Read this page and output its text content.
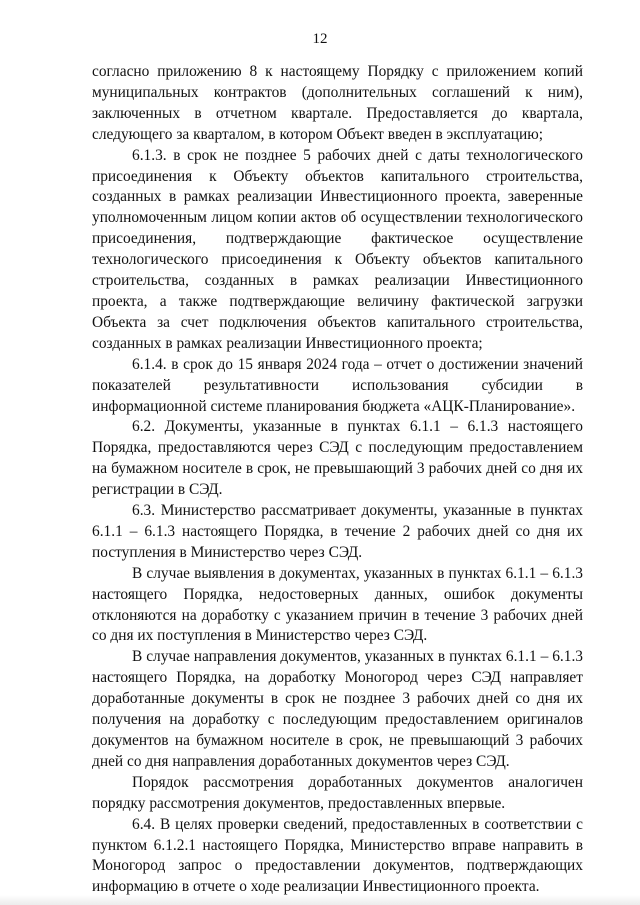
12

согласно приложению 8 к настоящему Порядку с приложением копий муниципальных контрактов (дополнительных соглашений к ним), заключенных в отчетном квартале. Предоставляется до квартала, следующего за кварталом, в котором Объект введен в эксплуатацию;

6.1.3. в срок не позднее 5 рабочих дней с даты технологического присоединения к Объекту объектов капитального строительства, созданных в рамках реализации Инвестиционного проекта, заверенные уполномоченным лицом копии актов об осуществлении технологического присоединения, подтверждающие фактическое осуществление технологического присоединения к Объекту объектов капитального строительства, созданных в рамках реализации Инвестиционного проекта, а также подтверждающие величину фактической загрузки Объекта за счет подключения объектов капитального строительства, созданных в рамках реализации Инвестиционного проекта;

6.1.4. в срок до 15 января 2024 года – отчет о достижении значений показателей результативности использования субсидии в информационной системе планирования бюджета «АЦК-Планирование».

6.2. Документы, указанные в пунктах 6.1.1 – 6.1.3 настоящего Порядка, предоставляются через СЭД с последующим предоставлением на бумажном носителе в срок, не превышающий 3 рабочих дней со дня их регистрации в СЭД.

6.3. Министерство рассматривает документы, указанные в пунктах 6.1.1 – 6.1.3 настоящего Порядка, в течение 2 рабочих дней со дня их поступления в Министерство через СЭД.

В случае выявления в документах, указанных в пунктах 6.1.1 – 6.1.3 настоящего Порядка, недостоверных данных, ошибок документы отклоняются на доработку с указанием причин в течение 3 рабочих дней со дня их поступления в Министерство через СЭД.

В случае направления документов, указанных в пунктах 6.1.1 – 6.1.3 настоящего Порядка, на доработку Моногород через СЭД направляет доработанные документы в срок не позднее 3 рабочих дней со дня их получения на доработку с последующим предоставлением оригиналов документов на бумажном носителе в срок, не превышающий 3 рабочих дней со дня направления доработанных документов через СЭД.

Порядок рассмотрения доработанных документов аналогичен порядку рассмотрения документов, предоставленных впервые.

6.4. В целях проверки сведений, предоставленных в соответствии с пунктом 6.1.2.1 настоящего Порядка, Министерство вправе направить в Моногород запрос о предоставлении документов, подтверждающих информацию в отчете о ходе реализации Инвестиционного проекта.
